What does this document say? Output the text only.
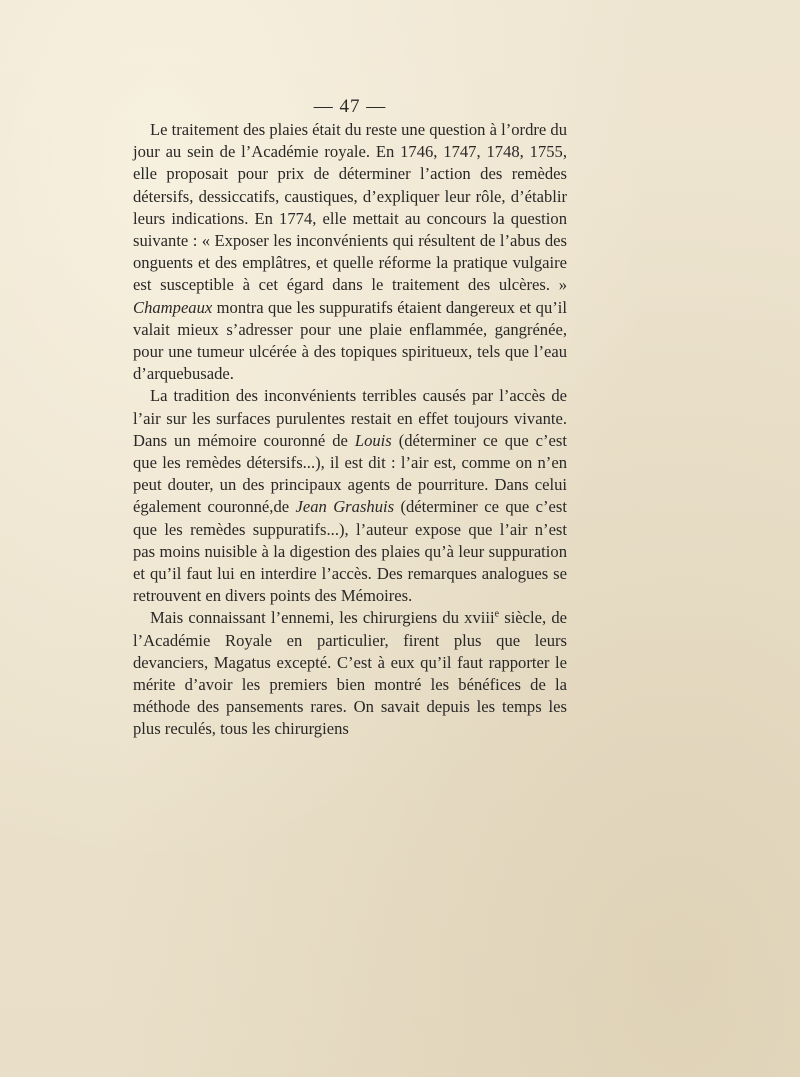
— 47 —

Le traitement des plaies était du reste une question à l’ordre du jour au sein de l’Académie royale. En 1746, 1747, 1748, 1755, elle proposait pour prix de déterminer l’action des remèdes détersifs, dessiccatifs, caustiques, d’expliquer leur rôle, d’établir leurs indications. En 1774, elle mettait au concours la question suivante : « Exposer les inconvénients qui résultent de l’abus des onguents et des emplâtres, et quelle réforme la pratique vulgaire est susceptible à cet égard dans le traitement des ulcères. » Champeaux montra que les suppuratifs étaient dangereux et qu’il valait mieux s’adresser pour une plaie enflammée, gangrénée, pour une tumeur ulcérée à des topiques spiritueux, tels que l’eau d’arquebusade.

La tradition des inconvénients terribles causés par l’accès de l’air sur les surfaces purulentes restait en effet toujours vivante. Dans un mémoire couronné de Louis (déterminer ce que c’est que les remèdes détersifs...), il est dit : l’air est, comme on n’en peut douter, un des principaux agents de pourriture. Dans celui également couronné,de Jean Grashuis (déterminer ce que c’est que les remèdes suppuratifs...), l’auteur expose que l’air n’est pas moins nuisible à la digestion des plaies qu’à leur suppuration et qu’il faut lui en interdire l’accès. Des remarques analogues se retrouvent en divers points des Mémoires.

Mais connaissant l’ennemi, les chirurgiens du xviii$^e$ siècle, de l’Académie Royale en particulier, firent plus que leurs devanciers, Magatus excepté. C’est à eux qu’il faut rapporter le mérite d’avoir les premiers bien montré les bénéfices de la méthode des pansements rares. On savait depuis les temps les plus reculés, tous les chirurgiens
